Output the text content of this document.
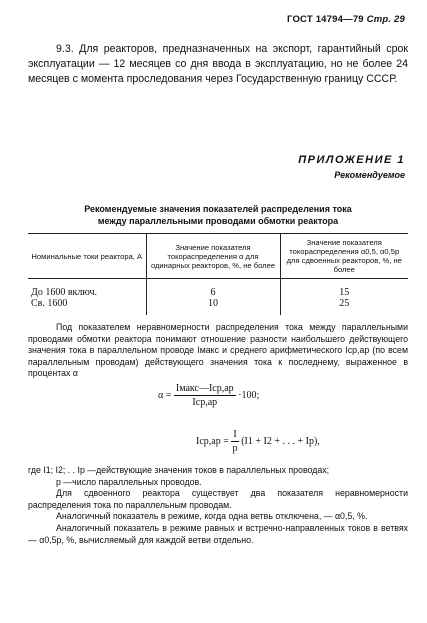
ГОСТ 14794—79 Стр. 29

9.3. Для реакторов, предназначенных на экспорт, гарантийный срок эксплуатации — 12 месяцев со дня ввода в эксплуатацию, но не более 24 месяцев с момента проследования через Государственную границу СССР.

ПРИЛОЖЕНИЕ 1
Рекомендуемое
Рекомендуемые значения показателей распределения тока
между параллельными проводами обмотки реактора
Номинальные токи реактора, А	Значение показателя токораспределения α для одинарных реакторов, %, не более	Значение показателя токораспределения α0,5, α0,5р для сдвоенных реакторов, %, не более
До 1600 включ.	6	15
Св. 1600	10	25

Под показателем неравномерности распределения тока между параллельными проводами обмотки реактора понимают отношение разности наибольшего действующего значения тока в параллельном проводе Iмакс и среднего арифметического Iср,ар (по всем параллельным проводам) действующего значения тока к последнему, выраженное в процентах α

$\alpha = \frac{\text{Iмакс—Iср,ар}}{\text{Iср,ар}} \cdot 100$;
$Iср,ар = \frac{I}{p} (I1 + I2$ + . . . + Ip),

где I1; I2; . . Ip —действующие значения токов в параллельных проводах;

p —число параллельных проводов.

Для сдвоенного реактора существует два показателя неравномерности распределения тока по параллельным проводам.

Аналогичный показатель в режиме, когда одна ветвь отключена, — α0,5, %.

Аналогичный показатель в режиме равных и встречно-направленных токов в ветвях — α0,5р, %, вычисляемый для каждой ветви отдельно.
